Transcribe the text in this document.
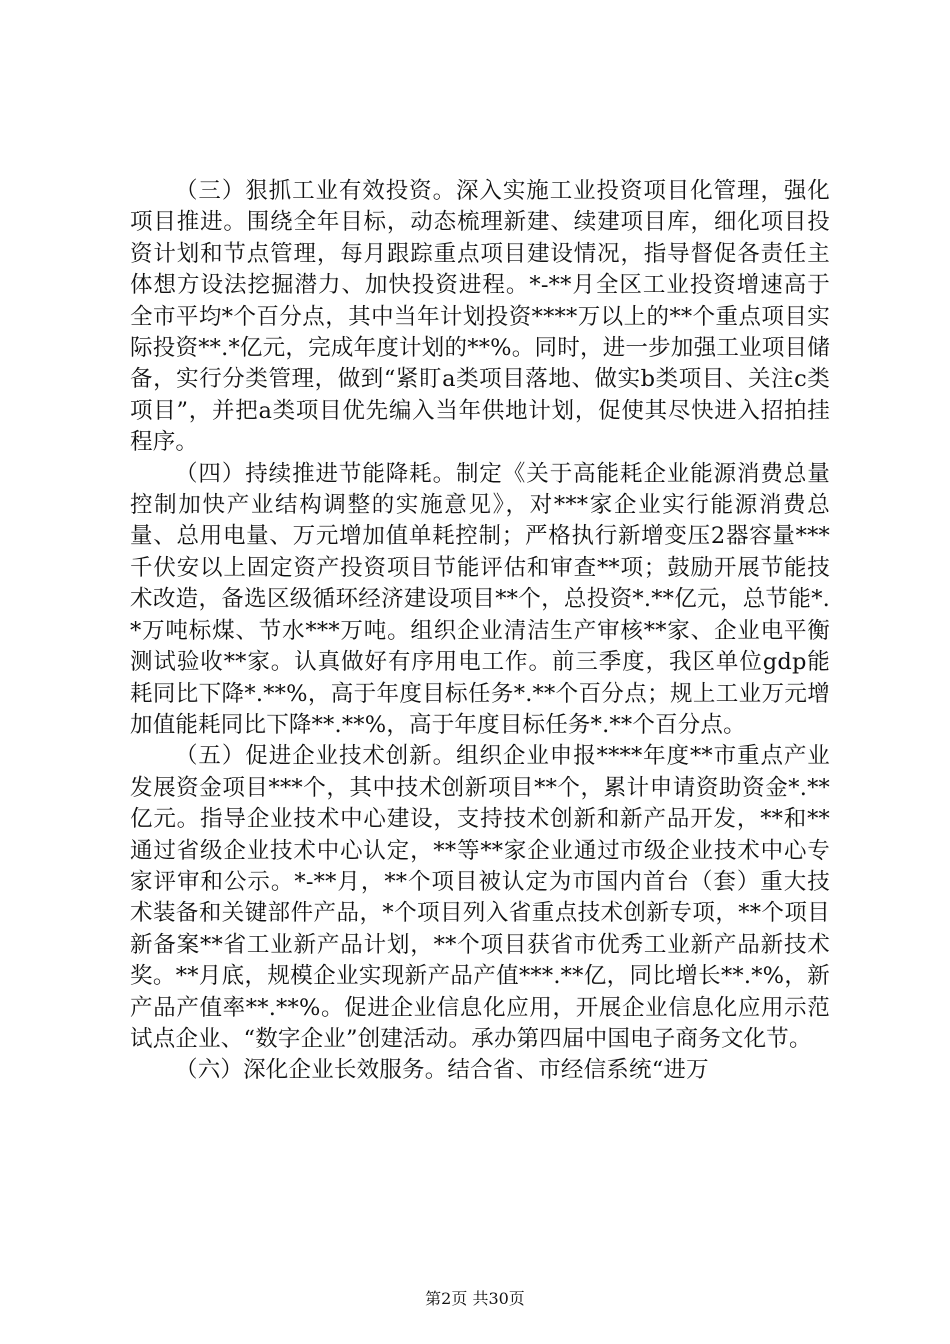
（三）狠抓工业有效投资。深入实施工业投资项目化管理，强化项目推进。围绕全年目标，动态梳理新建、续建项目库，细化项目投资计划和节点管理，每月跟踪重点项目建设情况，指导督促各责任主体想方设法挖掘潜力、加快投资进程。*-**月全区工业投资增速高于全市平均*个百分点，其中当年计划投资****万以上的**个重点项目实际投资**.*亿元，完成年度计划的**%。同时，进一步加强工业项目储备，实行分类管理，做到“紧盯a类项目落地、做实b类项目、关注c类项目”，并把a类项目优先编入当年供地计划，促使其尽快进入招拍挂程序。

（四）持续推进节能降耗。制定《关于高能耗企业能源消费总量控制加快产业结构调整的实施意见》，对***家企业实行能源消费总量、总用电量、万元增加值单耗控制；严格执行新增变压2器容量***千伏安以上固定资产投资项目节能评估和审查**项；鼓励开展节能技术改造，备选区级循环经济建设项目**个，总投资*.**亿元，总节能*.*万吨标煤、节水***万吨。组织企业清洁生产审核**家、企业电平衡测试验收**家。认真做好有序用电工作。前三季度，我区单位gdp能耗同比下降*.**%，高于年度目标任务*.**个百分点；规上工业万元增加值能耗同比下降**.**%，高于年度目标任务*.**个百分点。

（五）促进企业技术创新。组织企业申报****年度**市重点产业发展资金项目***个，其中技术创新项目**个，累计申请资助资金*.**亿元。指导企业技术中心建设，支持技术创新和新产品开发，**和**通过省级企业技术中心认定，**等**家企业通过市级企业技术中心专家评审和公示。*-**月，**个项目被认定为市国内首台（套）重大技术装备和关键部件产品，*个项目列入省重点技术创新专项，**个项目新备案**省工业新产品计划，**个项目获省市优秀工业新产品新技术奖。**月底，规模企业实现新产品产值***.**亿，同比增长**.*%，新产品产值率**.**%。促进企业信息化应用，开展企业信息化应用示范试点企业、“数字企业”创建活动。承办第四届中国电子商务文化节。

（六）深化企业长效服务。结合省、市经信系统“进万

第2页 共30页
